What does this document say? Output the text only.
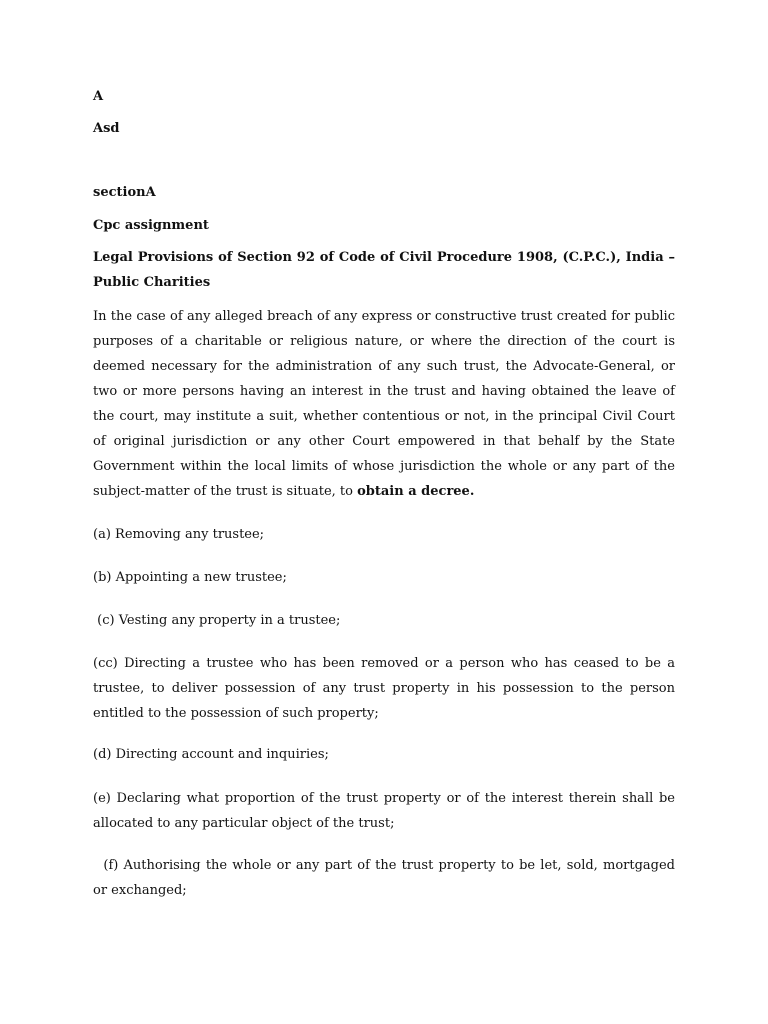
A
Asd
sectionA
Cpc assignment
Legal Provisions of Section 92 of Code of Civil Procedure 1908, (C.P.C.), India – Public Charities
In the case of any alleged breach of any express or constructive trust created for public purposes of a charitable or religious nature, or where the direction of the court is deemed necessary for the administration of any such trust, the Advocate-General, or two or more persons having an interest in the trust and having obtained the leave of the court, may institute a suit, whether contentious or not, in the principal Civil Court of original jurisdiction or any other Court empowered in that behalf by the State Government within the local limits of whose jurisdiction the whole or any part of the subject-matter of the trust is situate, to obtain a decree.
(a) Removing any trustee;
(b) Appointing a new trustee;
(c) Vesting any property in a trustee;
(cc) Directing a trustee who has been removed or a person who has ceased to be a trustee, to deliver possession of any trust property in his possession to the person entitled to the possession of such property;
(d) Directing account and inquiries;
(e) Declaring what proportion of the trust property or of the interest therein shall be allocated to any particular object of the trust;
(f) Authorising the whole or any part of the trust property to be let, sold, mortgaged or exchanged;
